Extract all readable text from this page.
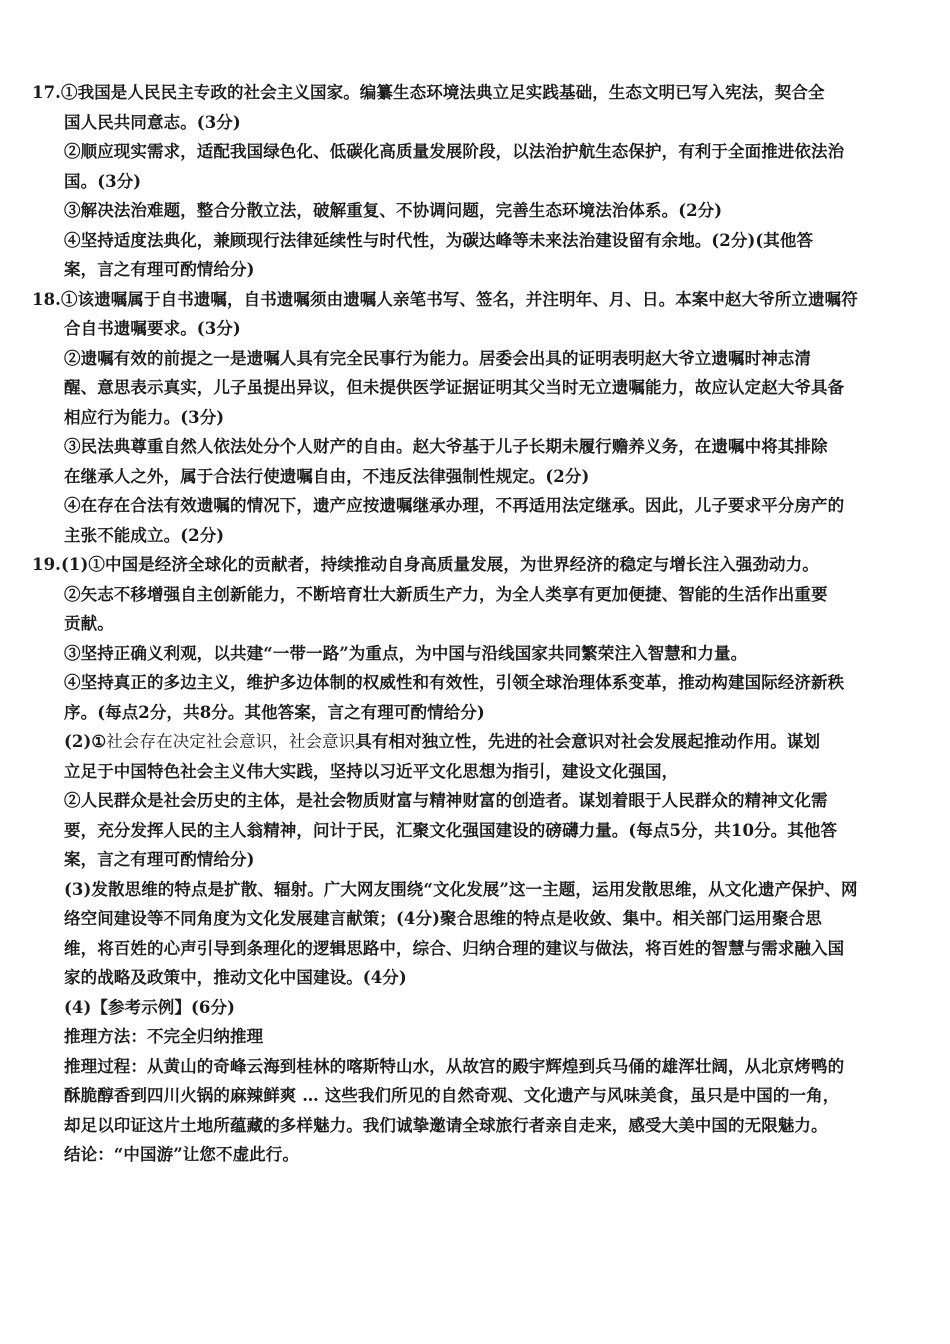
17.①我国是人民民主专政的社会主义国家。编纂生态环境法典立足实践基础，生态文明已写入宪法，契合全
国人民共同意志。(3分)
②顺应现实需求，适配我国绿色化、低碳化高质量发展阶段，以法治护航生态保护，有利于全面推进依法治
国。(3分)
③解决法治难题，整合分散立法，破解重复、不协调问题，完善生态环境法治体系。(2分)
④坚持适度法典化，兼顾现行法律延续性与时代性，为碳达峰等未来法治建设留有余地。(2分)(其他答
案，言之有理可酌情给分)
18.①该遗嘱属于自书遗嘱，自书遗嘱须由遗嘱人亲笔书写、签名，并注明年、月、日。本案中赵大爷所立遗嘱符
合自书遗嘱要求。(3分)
②遗嘱有效的前提之一是遗嘱人具有完全民事行为能力。居委会出具的证明表明赵大爷立遗嘱时神志清
醒、意思表示真实，儿子虽提出异议，但未提供医学证据证明其父当时无立遗嘱能力，故应认定赵大爷具备
相应行为能力。(3分)
③民法典尊重自然人依法处分个人财产的自由。赵大爷基于儿子长期未履行赡养义务，在遗嘱中将其排除
在继承人之外，属于合法行使遗嘱自由，不违反法律强制性规定。(2分)
④在存在合法有效遗嘱的情况下，遗产应按遗嘱继承办理，不再适用法定继承。因此，儿子要求平分房产的
主张不能成立。(2分)
19.(1)①中国是经济全球化的贡献者，持续推动自身高质量发展，为世界经济的稳定与增长注入强劲动力。
②矢志不移增强自主创新能力，不断培育壮大新质生产力，为全人类享有更加便捷、智能的生活作出重要
贡献。
③坚持正确义利观，以共建“一带一路”为重点，为中国与沿线国家共同繁荣注入智慧和力量。
④坚持真正的多边主义，维护多边体制的权威性和有效性，引领全球治理体系变革，推动构建国际经济新秩
序。(每点2分，共8分。其他答案，言之有理可酌情给分)
(2)①社会存在决定社会意识，社会意识具有相对独立性，先进的社会意识对社会发展起推动作用。谋划
立足于中国特色社会主义伟大实践，坚持以习近平文化思想为指引，建设文化强国，
②人民群众是社会历史的主体，是社会物质财富与精神财富的创造者。谋划着眼于人民群众的精神文化需
要，充分发挥人民的主人翁精神，问计于民，汇聚文化强国建设的磅礴力量。(每点5分，共10分。其他答
案，言之有理可酌情给分)
(3)发散思维的特点是扩散、辐射。广大网友围绕“文化发展”这一主题，运用发散思维，从文化遗产保护、网
络空间建设等不同角度为文化发展建言献策；(4分)聚合思维的特点是收敛、集中。相关部门运用聚合思
维，将百姓的心声引导到条理化的逻辑思路中，综合、归纳合理的建议与做法，将百姓的智慧与需求融入国
家的战略及政策中，推动文化中国建设。(4分)
(4)【参考示例】(6分)
推理方法：不完全归纳推理
推理过程：从黄山的奇峰云海到桂林的喀斯特山水，从故宫的殿宇辉煌到兵马俑的雄浑壮阔，从北京烤鸭的
酥脆醇香到四川火锅的麻辣鲜爽 … 这些我们所见的自然奇观、文化遗产与风味美食，虽只是中国的一角，
却足以印证这片土地所蕴藏的多样魅力。我们诚挚邀请全球旅行者亲自走来，感受大美中国的无限魅力。
结论：“中国游”让您不虚此行。
